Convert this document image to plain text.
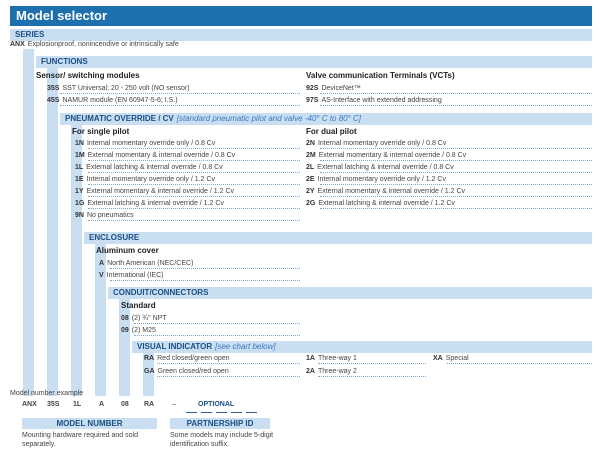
Model selector
SERIES
ANX Explosionproof, nonincendive or intrinsically safe
FUNCTIONS
Sensor/ switching modules
35S SST Universal; 20 - 250 volt (NO sensor)
45S NAMUR module (EN 60947-5-6; I.S.)
Valve communication Terminals (VCTs)
92S DeviceNet™
97S AS-Interface with extended addressing
PNEUMATIC OVERRIDE / CV [standard pneumatic pilot and valve -40° C to 80° C]
For single pilot	For dual pilot
1N Internal momentary override only / 0.8 Cv
1M External momentary & internal override / 0.8 Cv
1L External latching & internal override / 0.8 Cv
1E Internal momentary override only / 1.2 Cv
1Y External momentary & internal override / 1.2 Cv
1G External latching & internal override / 1.2 Cv
9N No pneumatics
2N Internal momentary override only / 0.8 Cv
2M External momentary & internal override / 0.8 Cv
2L External latching & internal override / 0.8 Cv
2E Internal momentary override only / 1.2 Cv
2Y External momentary & internal override / 1.2 Cv
2G External latching & internal override / 1.2 Cv
ENCLOSURE
Aluminum cover
A North American (NEC/CEC)
V International (IEC)
CONDUIT/CONNECTORS
Standard
08 (2) ¾" NPT
09 (2) M25
VISUAL INDICATOR [see chart below]
RA Red closed/green open
GA Green closed/red open
1A Three-way 1
2A Three-way 2
XA Special
Model number example
ANX 35S 1L	A 08 RA	–	OPTIONAL
MODEL NUMBER
Mounting hardware required and sold separately.
PARTNERSHIP ID
Some models may include 5-digit identification suffix.
